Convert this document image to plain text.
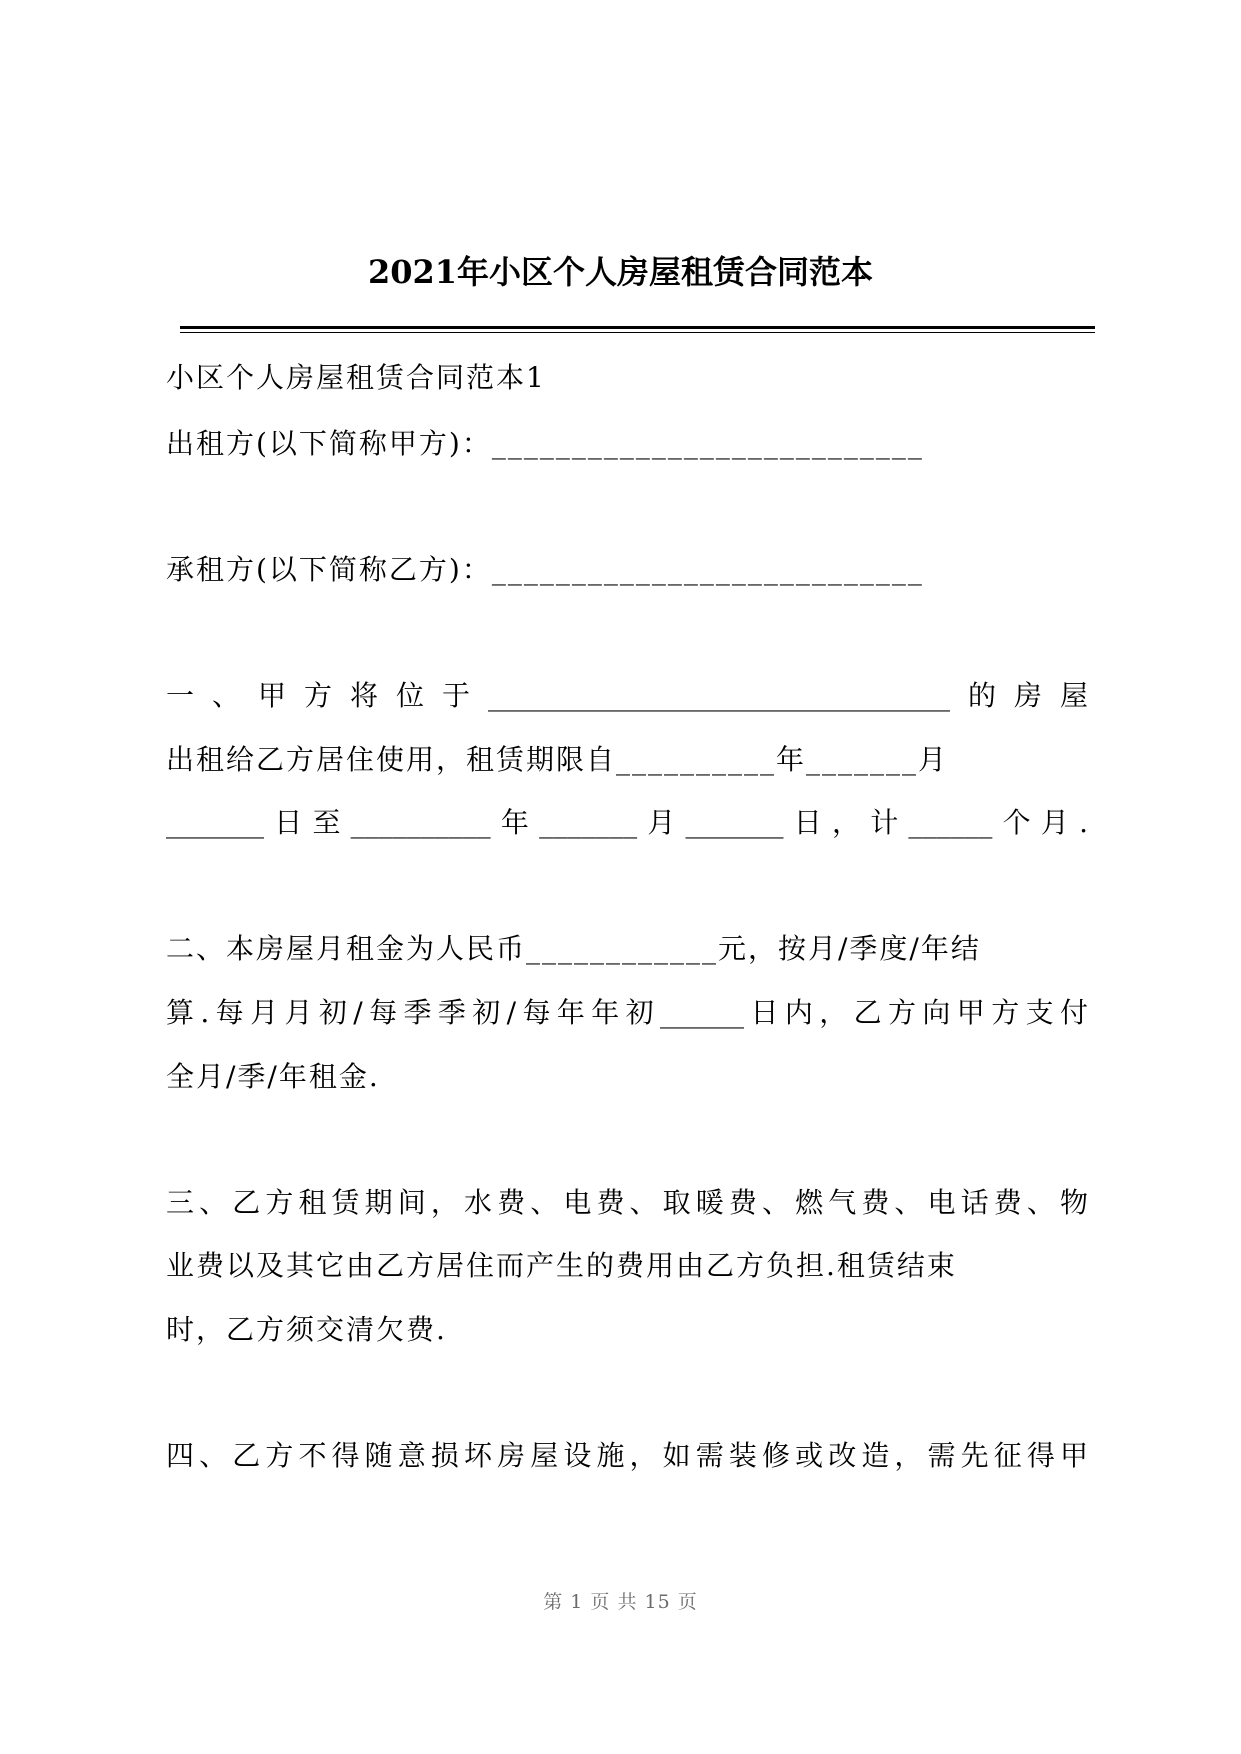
2021年小区个人房屋租赁合同范本
小区个人房屋租赁合同范本1
出租方(以下简称甲方)：___________________________
承租方(以下简称乙方)：___________________________
一、甲方将位于_________________________________的房屋
出租给乙方居住使用，租赁期限自__________年_______月
_______日至__________年_______月_______日，计______个月.
二、本房屋月租金为人民币____________元，按月/季度/年结
算.每月月初/每季季初/每年年初______日内，乙方向甲方支付
全月/季/年租金.
三、乙方租赁期间，水费、电费、取暖费、燃气费、电话费、物
业费以及其它由乙方居住而产生的费用由乙方负担.租赁结束
时，乙方须交清欠费.
四、乙方不得随意损坏房屋设施，如需装修或改造，需先征得甲
第 1 页 共 15 页
